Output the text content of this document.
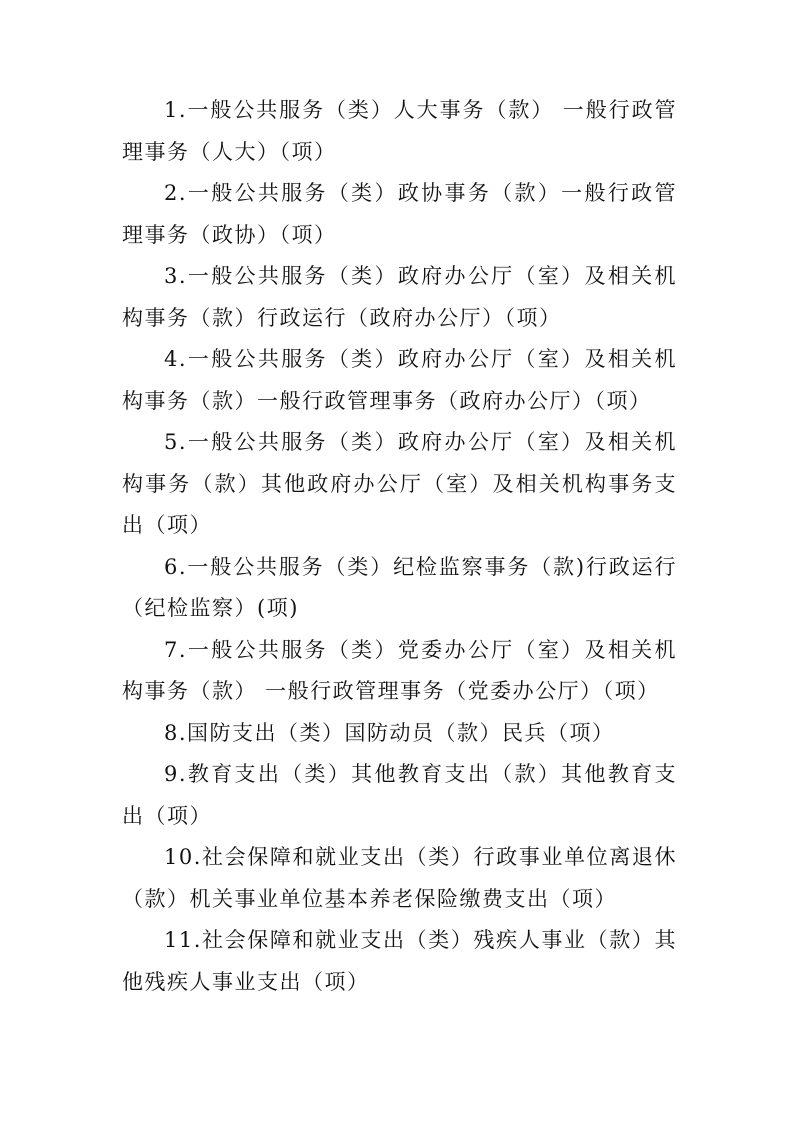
1.一般公共服务（类）人大事务（款） 一般行政管理事务（人大）（项）

2.一般公共服务（类）政协事务（款）一般行政管理事务（政协）（项）

3.一般公共服务（类）政府办公厅（室）及相关机构事务（款）行政运行（政府办公厅）（项）

4.一般公共服务（类）政府办公厅（室）及相关机构事务（款）一般行政管理事务（政府办公厅）（项）

5.一般公共服务（类）政府办公厅（室）及相关机构事务（款）其他政府办公厅（室）及相关机构事务支出（项）

6.一般公共服务（类）纪检监察事务（款)行政运行（纪检监察）(项)

7.一般公共服务（类）党委办公厅（室）及相关机构事务（款） 一般行政管理事务（党委办公厅）（项）

8.国防支出（类）国防动员（款）民兵（项）

9.教育支出（类）其他教育支出（款）其他教育支出（项）

10.社会保障和就业支出（类）行政事业单位离退休（款）机关事业单位基本养老保险缴费支出（项）

11.社会保障和就业支出（类）残疾人事业（款）其他残疾人事业支出（项）
